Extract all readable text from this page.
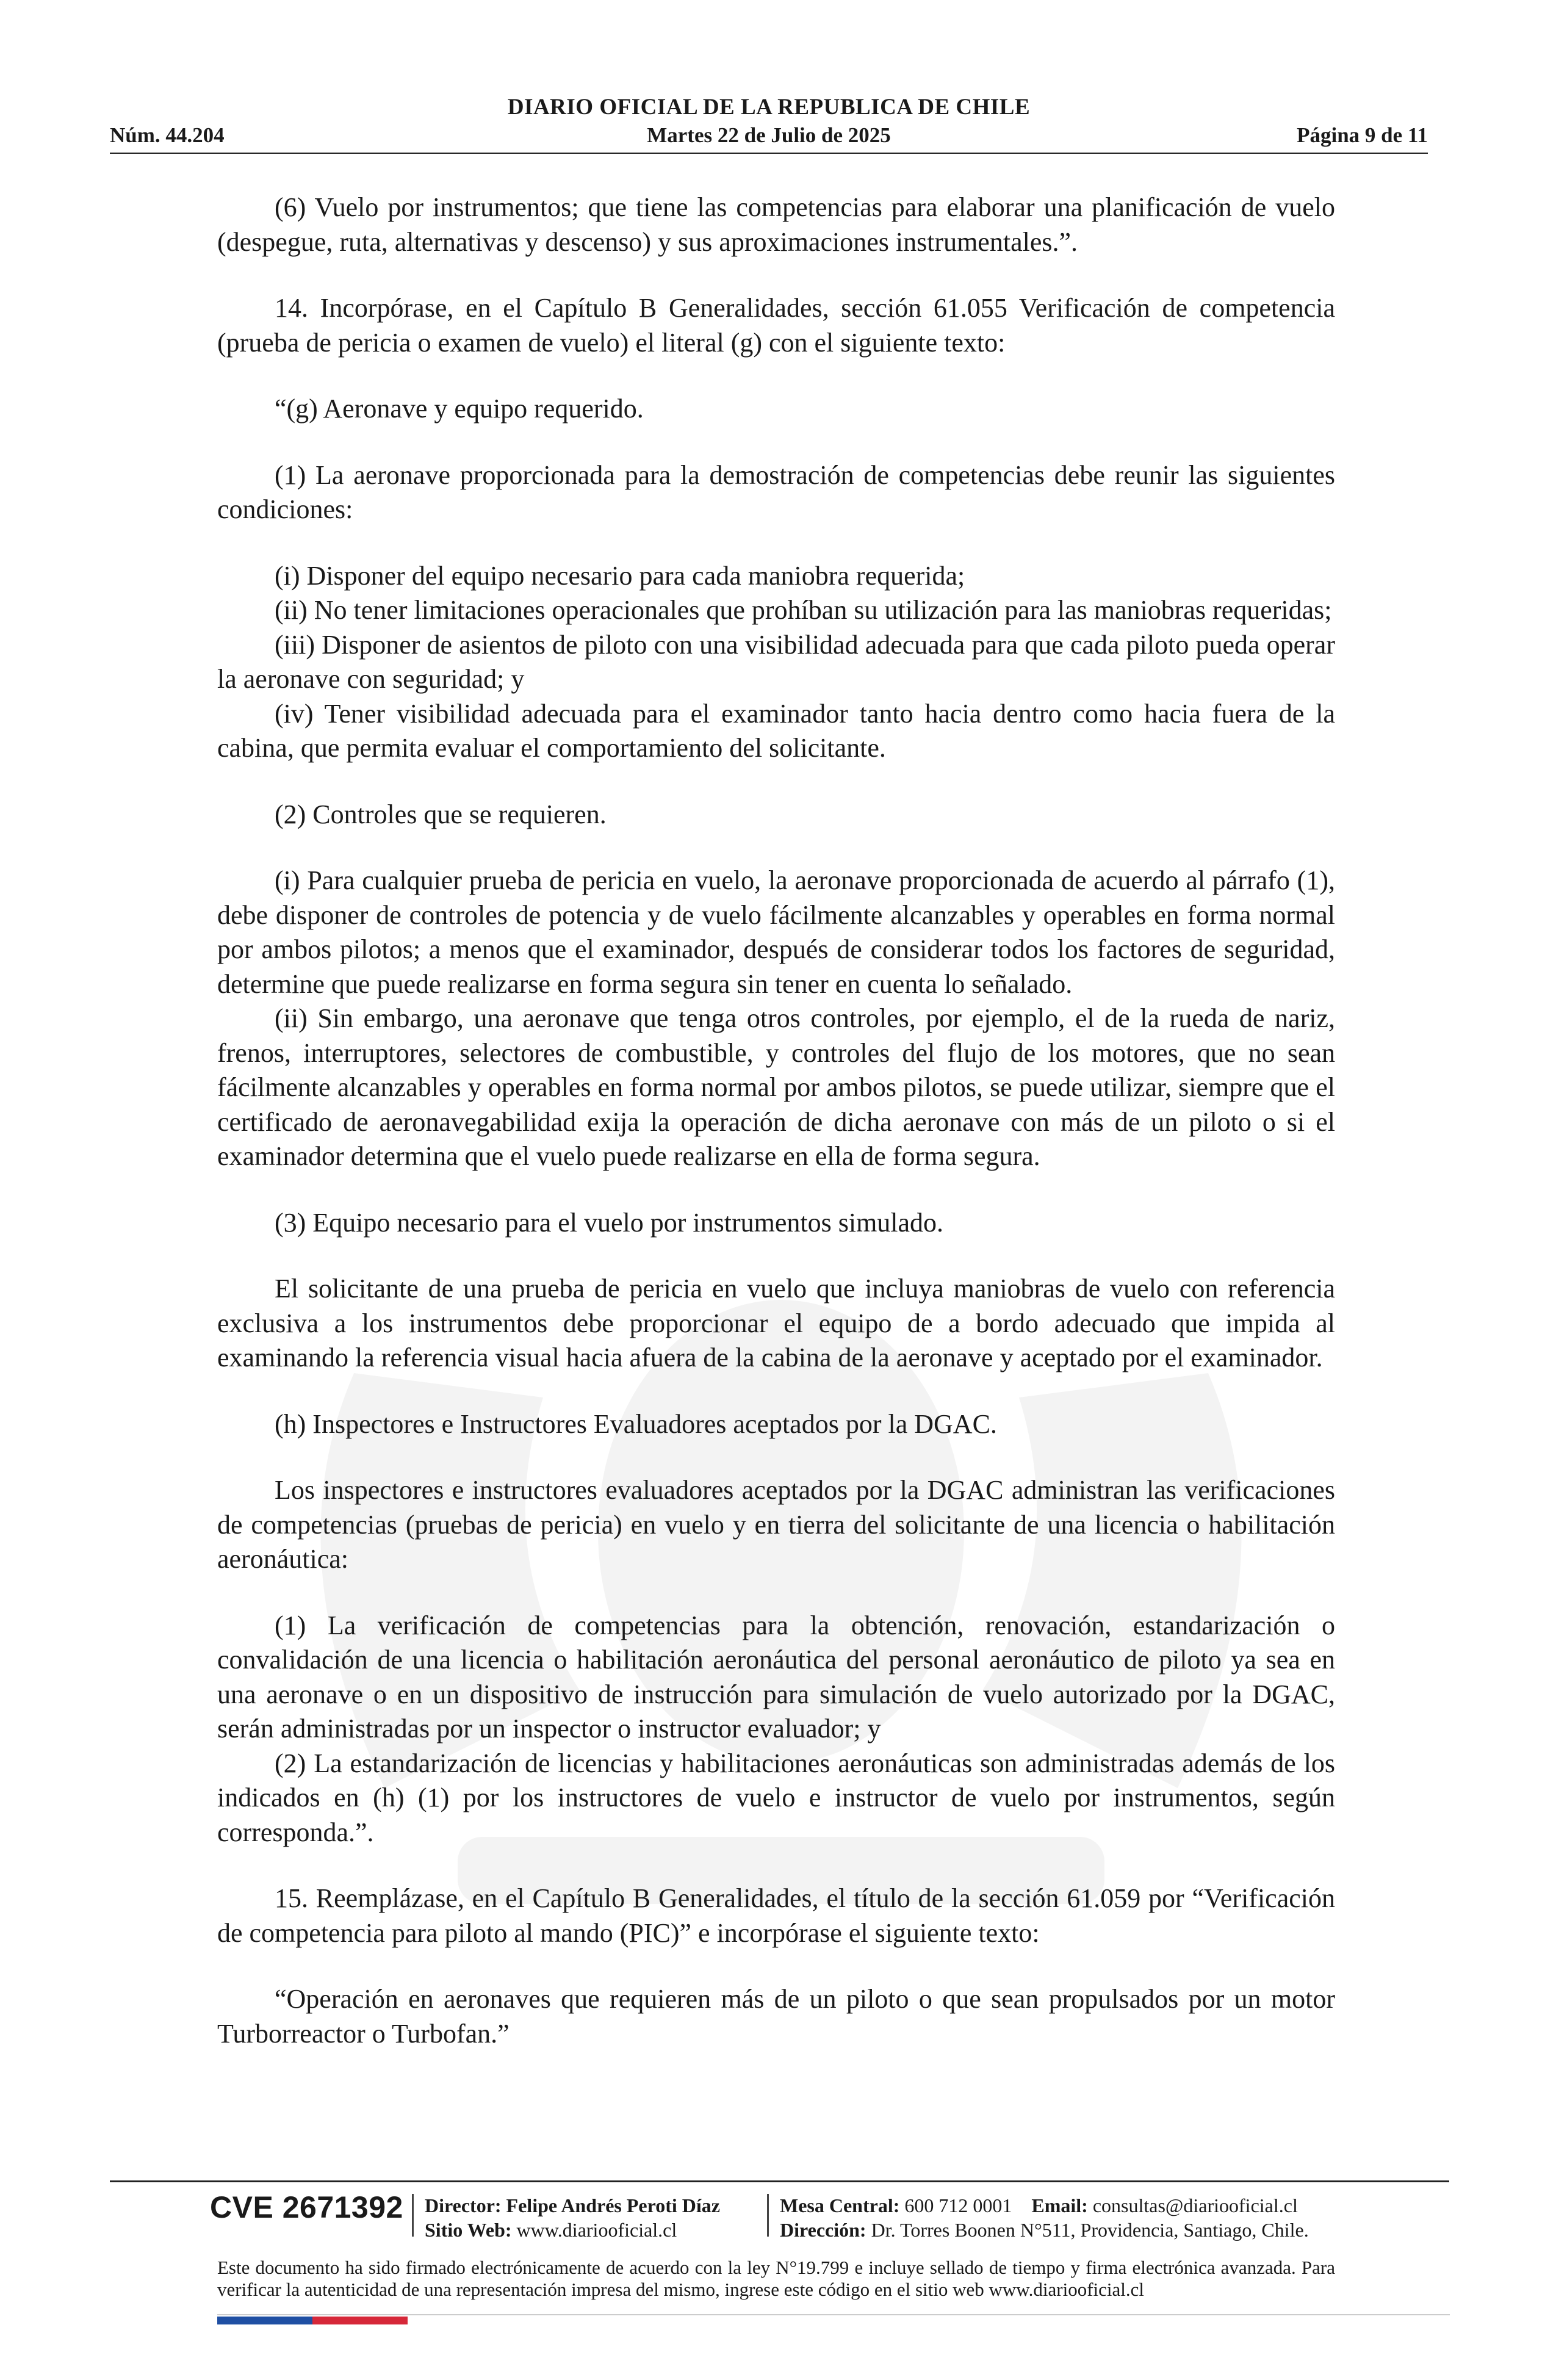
DIARIO OFICIAL DE LA REPUBLICA DE CHILE
Núm. 44.204	Martes 22 de Julio de 2025	Página 9 de 11

(6) Vuelo por instrumentos; que tiene las competencias para elaborar una planificación de vuelo (despegue, ruta, alternativas y descenso) y sus aproximaciones instrumentales.”.

14. Incorpórase, en el Capítulo B Generalidades, sección 61.055 Verificación de competencia (prueba de pericia o examen de vuelo) el literal (g) con el siguiente texto:

“(g) Aeronave y equipo requerido.

(1) La aeronave proporcionada para la demostración de competencias debe reunir las siguientes condiciones:

(i) Disponer del equipo necesario para cada maniobra requerida;

(ii) No tener limitaciones operacionales que prohíban su utilización para las maniobras requeridas;

(iii) Disponer de asientos de piloto con una visibilidad adecuada para que cada piloto pueda operar la aeronave con seguridad; y

(iv) Tener visibilidad adecuada para el examinador tanto hacia dentro como hacia fuera de la cabina, que permita evaluar el comportamiento del solicitante.

(2) Controles que se requieren.

(i) Para cualquier prueba de pericia en vuelo, la aeronave proporcionada de acuerdo al párrafo (1), debe disponer de controles de potencia y de vuelo fácilmente alcanzables y operables en forma normal por ambos pilotos; a menos que el examinador, después de considerar todos los factores de seguridad, determine que puede realizarse en forma segura sin tener en cuenta lo señalado.

(ii) Sin embargo, una aeronave que tenga otros controles, por ejemplo, el de la rueda de nariz, frenos, interruptores, selectores de combustible, y controles del flujo de los motores, que no sean fácilmente alcanzables y operables en forma normal por ambos pilotos, se puede utilizar, siempre que el certificado de aeronavegabilidad exija la operación de dicha aeronave con más de un piloto o si el examinador determina que el vuelo puede realizarse en ella de forma segura.

(3) Equipo necesario para el vuelo por instrumentos simulado.

El solicitante de una prueba de pericia en vuelo que incluya maniobras de vuelo con referencia exclusiva a los instrumentos debe proporcionar el equipo de a bordo adecuado que impida al examinando la referencia visual hacia afuera de la cabina de la aeronave y aceptado por el examinador.

(h) Inspectores e Instructores Evaluadores aceptados por la DGAC.

Los inspectores e instructores evaluadores aceptados por la DGAC administran las verificaciones de competencias (pruebas de pericia) en vuelo y en tierra del solicitante de una licencia o habilitación aeronáutica:

(1) La verificación de competencias para la obtención, renovación, estandarización o convalidación de una licencia o habilitación aeronáutica del personal aeronáutico de piloto ya sea en una aeronave o en un dispositivo de instrucción para simulación de vuelo autorizado por la DGAC, serán administradas por un inspector o instructor evaluador; y

(2) La estandarización de licencias y habilitaciones aeronáuticas son administradas además de los indicados en (h) (1) por los instructores de vuelo e instructor de vuelo por instrumentos, según corresponda.”.

15. Reemplázase, en el Capítulo B Generalidades, el título de la sección 61.059 por “Verificación de competencia para piloto al mando (PIC)” e incorpórase el siguiente texto:

“Operación en aeronaves que requieren más de un piloto o que sean propulsados por un motor Turborreactor o Turbofan.”

CVE 2671392 Director: Felipe Andrés Peroti Díaz
Sitio Web: www.diariooficial.cl
Mesa Central: 600 712 0001 Email: consultas@diariooficial.cl
Dirección: Dr. Torres Boonen N°511, Providencia, Santiago, Chile.
Este documento ha sido firmado electrónicamente de acuerdo con la ley N°19.799 e incluye sellado de tiempo y firma electrónica avanzada. Para verificar la autenticidad de una representación impresa del mismo, ingrese este código en el sitio web www.diariooficial.cl
